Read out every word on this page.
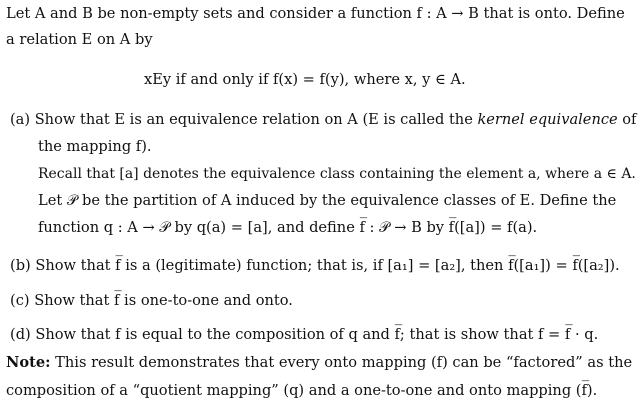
Let A and B be non-empty sets and consider a function f : A → B that is onto. Define
a relation E on A by
xEy if and only if f(x) = f(y), where x, y ∈ A.
(a) Show that E is an equivalence relation on A (E is called the kernel equivalence of
the mapping f).
Recall that [a] denotes the equivalence class containing the element a, where a ∈ A.
Let 𝒫 be the partition of A induced by the equivalence classes of E. Define the
function q : A → 𝒫 by q(a) = [a], and define f̅ : 𝒫 → B by f̅([a]) = f(a).
(b) Show that f̅ is a (legitimate) function; that is, if [a₁] = [a₂], then f̅([a₁]) = f̅([a₂]).
(c) Show that f̅ is one-to-one and onto.
(d) Show that f is equal to the composition of q and f̅; that is show that f = f̅ · q.
Note: This result demonstrates that every onto mapping (f) can be “factored” as the
composition of a “quotient mapping” (q) and a one-to-one and onto mapping (f̅).
